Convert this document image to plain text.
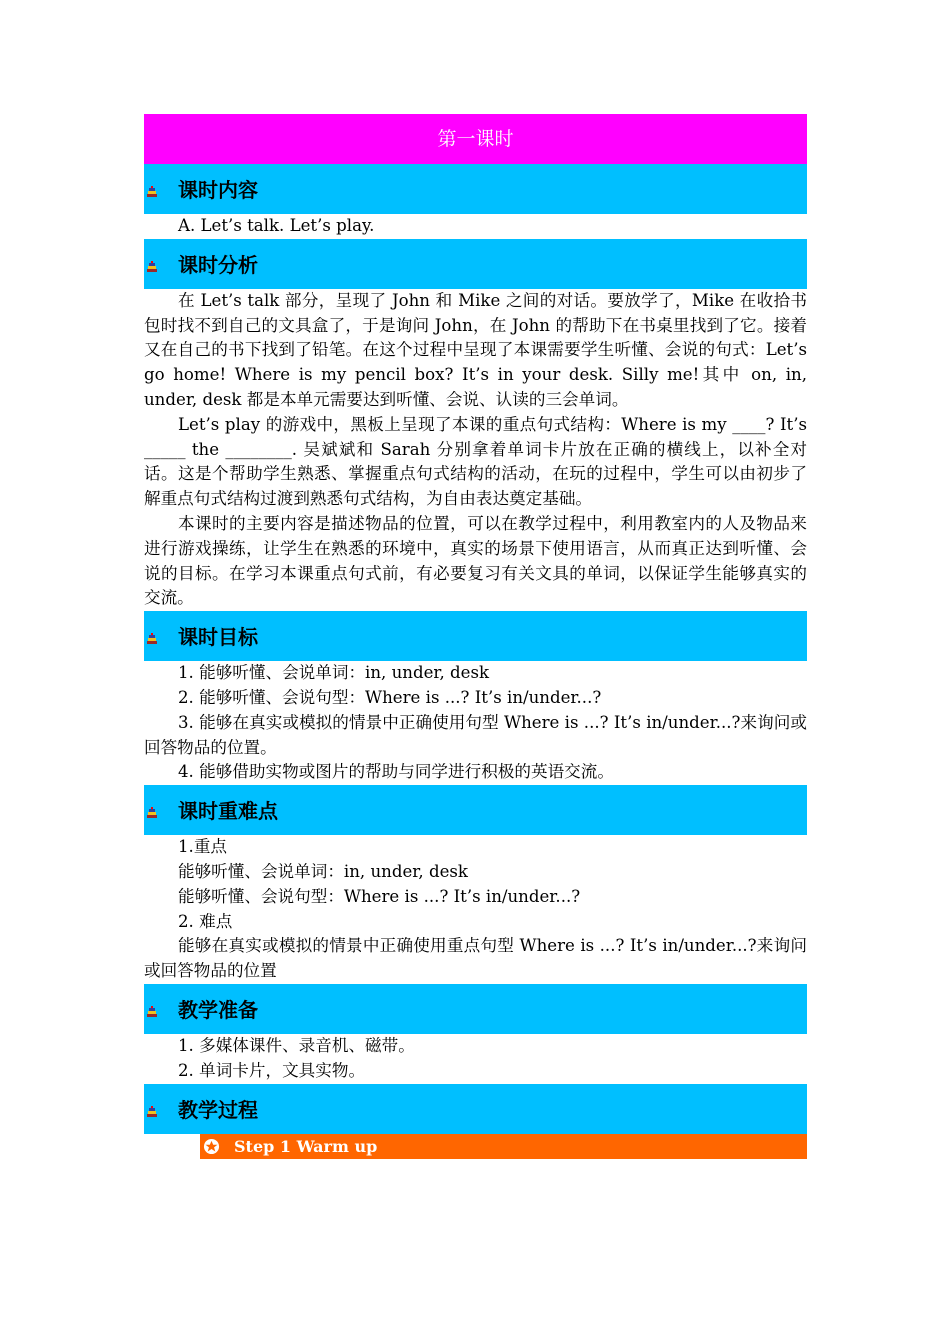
第一课时
课时内容

A. Let’s talk. Let’s play.

课时分析

在 Let’s talk 部分，呈现了 John 和 Mike 之间的对话。要放学了，Mike 在收拾书包时找不到自己的文具盒了，于是询问 John，在 John 的帮助下在书桌里找到了它。接着又在自己的书下找到了铅笔。在这个过程中呈现了本课需要学生听懂、会说的句式：Let’s go home! Where is my pencil box? It’s in your desk. Silly me!其中 on, in, under, desk 都是本单元需要达到听懂、会说、认读的三会单词。

Let’s play 的游戏中，黑板上呈现了本课的重点句式结构：Where is my ____? It’s _____ the ________. 吴斌斌和 Sarah 分别拿着单词卡片放在正确的横线上，以补全对话。这是个帮助学生熟悉、掌握重点句式结构的活动，在玩的过程中，学生可以由初步了解重点句式结构过渡到熟悉句式结构，为自由表达奠定基础。

本课时的主要内容是描述物品的位置，可以在教学过程中，利用教室内的人及物品来进行游戏操练，让学生在熟悉的环境中，真实的场景下使用语言，从而真正达到听懂、会说的目标。在学习本课重点句式前，有必要复习有关文具的单词，以保证学生能够真实的交流。

课时目标

1. 能够听懂、会说单词：in, under, desk

2. 能够听懂、会说句型：Where is ...? It’s in/under...?

3. 能够在真实或模拟的情景中正确使用句型 Where is ...? It’s in/under...?来询问或回答物品的位置。

4. 能够借助实物或图片的帮助与同学进行积极的英语交流。

课时重难点

1.重点

能够听懂、会说单词：in, under, desk

能够听懂、会说句型：Where is ...? It’s in/under...?

2. 难点

能够在真实或模拟的情景中正确使用重点句型 Where is ...? It’s in/under...?来询问或回答物品的位置

教学准备

1. 多媒体课件、录音机、磁带。

2. 单词卡片，文具实物。

教学过程
Step 1 Warm up
